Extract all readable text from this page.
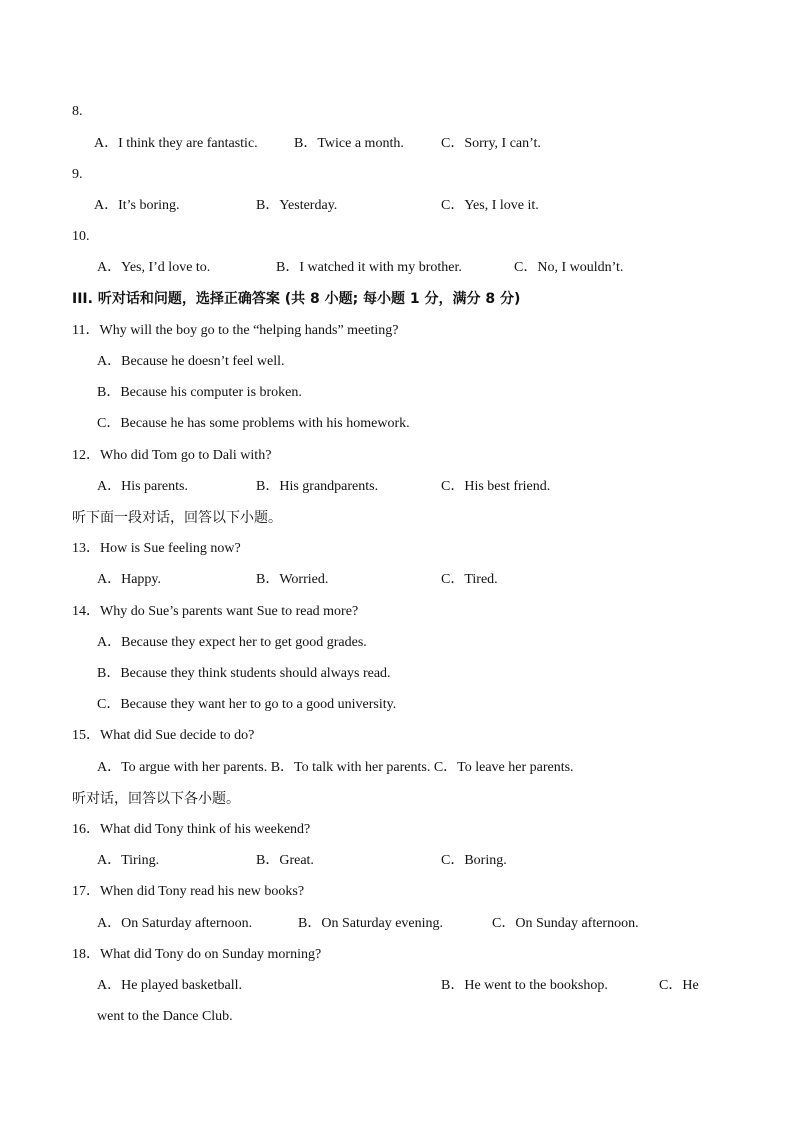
8.
A．I think they are fantastic.	B．Twice a month.	C．Sorry, I can’t.
9.
A．It’s boring.	B．Yesterday.	C．Yes, I love it.
10.
A．Yes, I’d love to.	B．I watched it with my brother.	C．No, I wouldn’t.
III. 听对话和问题，选择正确答案 (共 8 小题; 每小题 1 分，满分 8 分)
11．Why will the boy go to the “helping hands” meeting?
A．Because he doesn’t feel well.
B．Because his computer is broken.
C．Because he has some problems with his homework.
12．Who did Tom go to Dali with?
A．His parents.	B．His grandparents.	C．His best friend.
听下面一段对话，回答以下小题。
13．How is Sue feeling now?
A．Happy.	B．Worried.	C．Tired.
14．Why do Sue’s parents want Sue to read more?
A．Because they expect her to get good grades.
B．Because they think students should always read.
C．Because they want her to go to a good university.
15．What did Sue decide to do?
A．To argue with her parents. B．To talk with her parents. C．To leave her parents.
听对话，回答以下各小题。
16．What did Tony think of his weekend?
A．Tiring.	B．Great.	C．Boring.
17．When did Tony read his new books?
A．On Saturday afternoon.	B．On Saturday evening.	C．On Sunday afternoon.
18．What did Tony do on Sunday morning?
A．He played basketball.	B．He went to the bookshop.	C．He
went to the Dance Club.
